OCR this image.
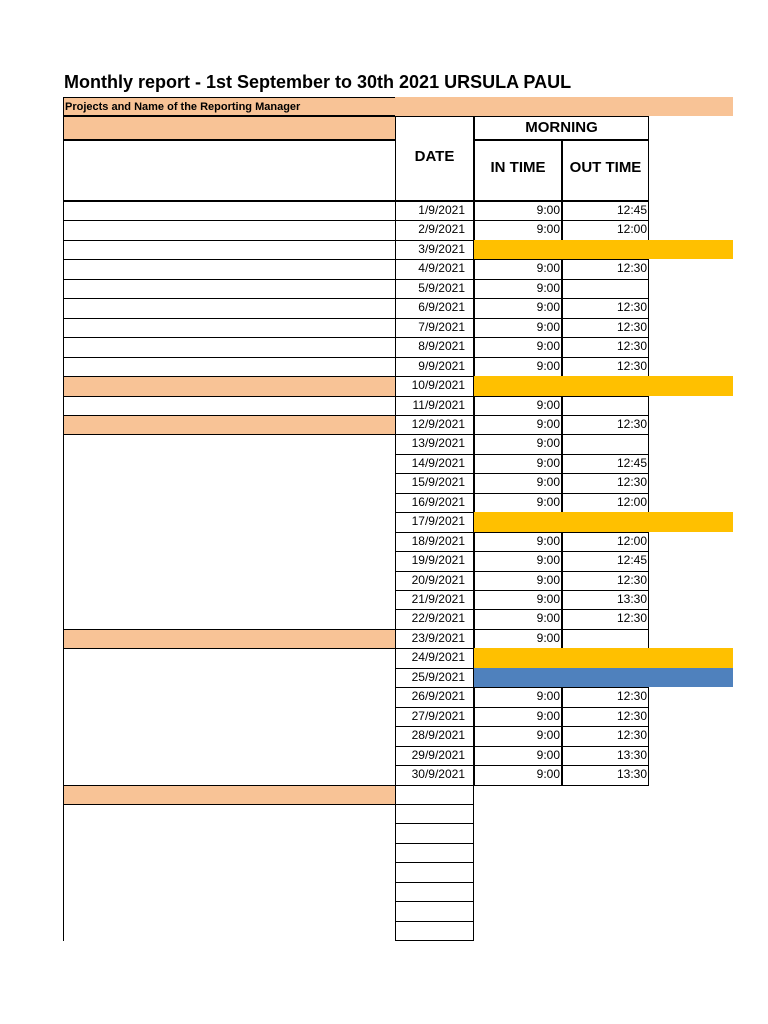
Monthly report - 1st September to 30th 2021 URSULA PAUL
Projects and Name of the Reporting Manager
DATE
MORNING
IN TIME	OUT TIME
1/9/2021	9:00	12:45
2/9/2021	9:00	12:00
3/9/2021
4/9/2021	9:00	12:30
5/9/2021	9:00
6/9/2021	9:00	12:30
7/9/2021	9:00	12:30
8/9/2021	9:00	12:30
9/9/2021	9:00	12:30
10/9/2021
11/9/2021	9:00
12/9/2021	9:00	12:30
13/9/2021	9:00
14/9/2021	9:00	12:45
15/9/2021	9:00	12:30
16/9/2021	9:00	12:00
17/9/2021
18/9/2021	9:00	12:00
19/9/2021	9:00	12:45
20/9/2021	9:00	12:30
21/9/2021	9:00	13:30
22/9/2021	9:00	12:30
23/9/2021	9:00
24/9/2021
25/9/2021
26/9/2021	9:00	12:30
27/9/2021	9:00	12:30
28/9/2021	9:00	12:30
29/9/2021	9:00	13:30
30/9/2021	9:00	13:30
